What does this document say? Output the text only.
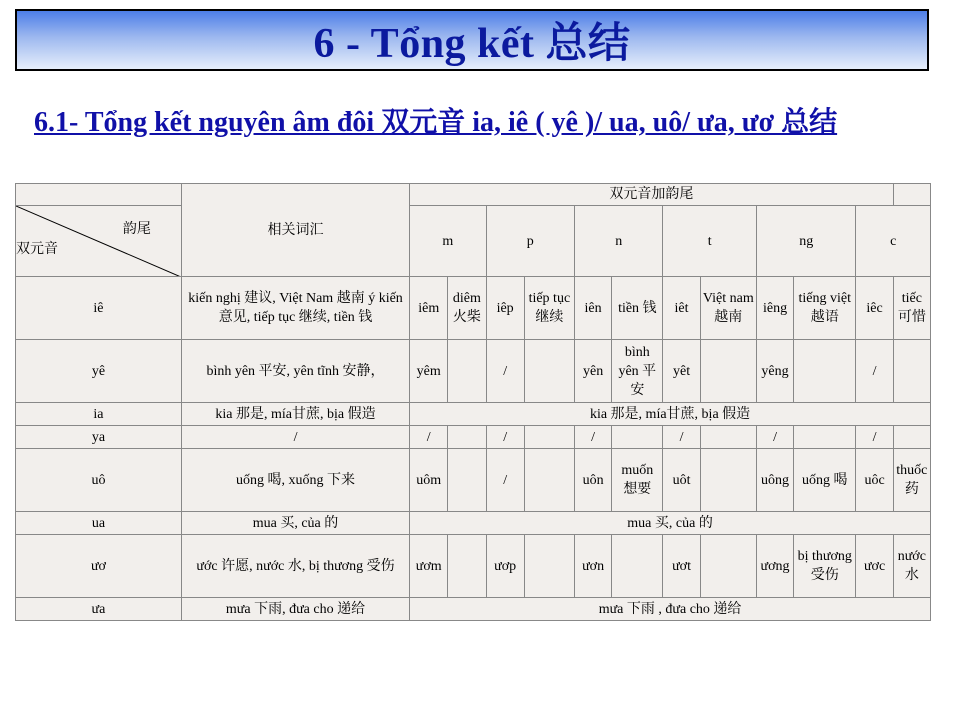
6 - Tổng kết 总结
6.1- Tổng kết nguyên âm đôi 双元音 ia, iê ( yê )/ ua, uô/ ưa, ươ 总结
	相关词汇	双元音加韵尾											

韵尾
双元音		m		p		n		t		ng		c	
iê	kiến nghị 建议, Việt Nam 越南 ý kiến 意见, tiếp tục 继续, tiền 钱	iêm	diêm 火柴	iêp	tiếp tục 继续	iên	tiền 钱	iêt	Việt nam 越南	iêng	tiếng việt 越语	iêc	tiếc 可惜
yê	bình yên 平安, yên tĩnh 安静，	yêm		/		yên	bình yên 平安	yêt		yêng		/	
ia	kia 那是, mía甘蔗, bịa 假造	kia 那是, mía甘蔗, bịa 假造											
ya	/	/		/		/		/		/		/	
uô	uống 喝, xuống 下来	uôm		/		uôn	muốn 想要	uôt		uông	uống 喝	uôc	thuốc 药
ua	mua 买, của 的	mua 买, của 的											
ươ	ước 许愿, nước 水, bị thương 受伤	ươm		ươp		ươn		ươt		ương	bị thương 受伤	ươc	nước 水
ưa	mưa 下雨, đưa cho 递给	mưa 下雨 , đưa cho 递给											
